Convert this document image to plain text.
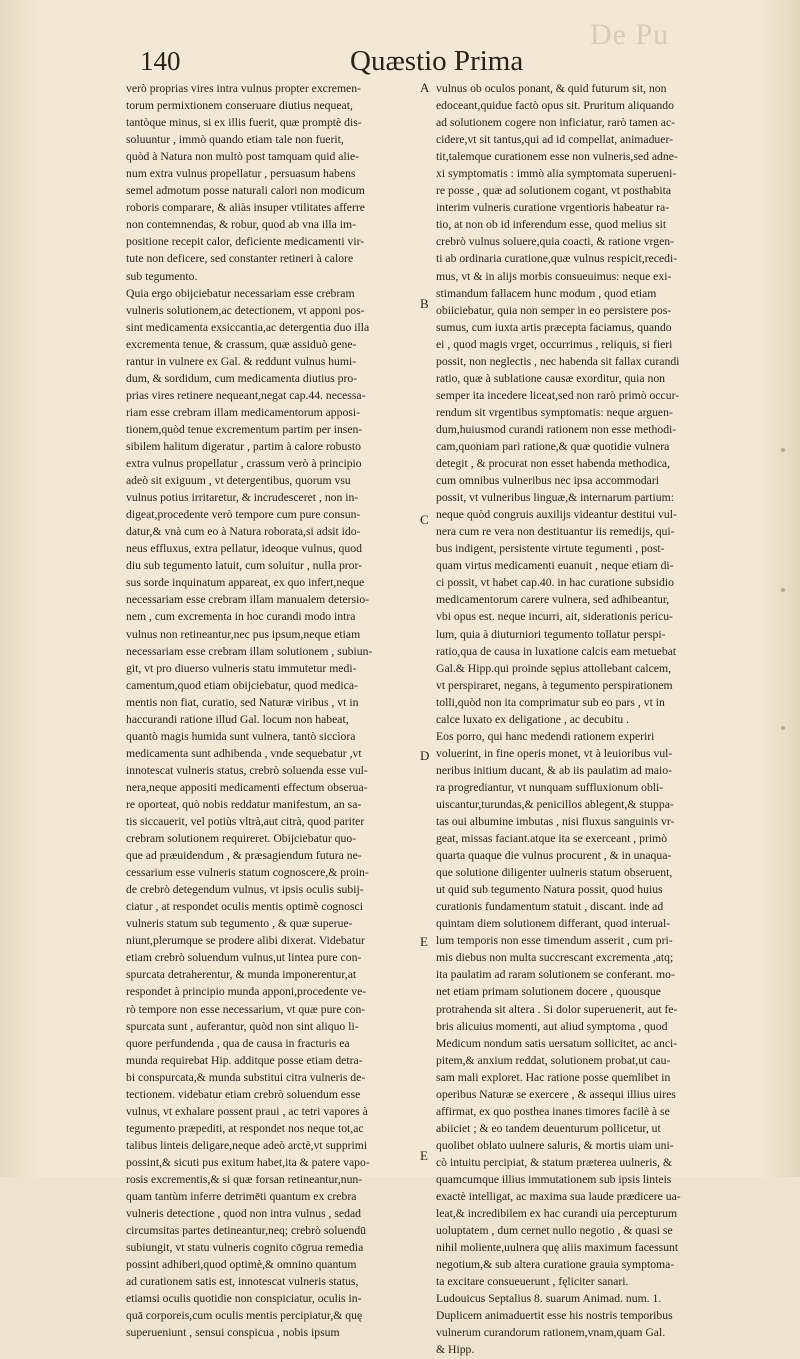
De Pu
140	Quæstio Prima
A
B
C
D
E
E
verò proprias vires intra vulnus propter excremen-
torum permixtionem conseruare diutius nequeat,
tantòque minus, si ex illis fuerit, quæ promptè dis-
soluuntur , immò quando etiam tale non fuerit,
quòd à Natura non multò post tamquam quid alie-
num extra vulnus propellatur , persuasum habens
semel admotum posse naturali calori non modicum
roboris comparare, & aliàs insuper vtilitates afferre
non contemnendas, & robur, quod ab vna illa im-
positione recepit calor, deficiente medicamenti vir-
tute non deficere, sed constanter retineri à calore
sub tegumento.
Quia ergo obijciebatur necessariam esse crebram
vulneris solutionem,ac detectionem, vt apponi pos-
sint medicamenta exsiccantia,ac detergentia duo illa
excrementa tenue, & crassum, quæ assiduò gene-
rantur in vulnere ex Gal. & reddunt vulnus humi-
dum, & sordidum, cum medicamenta diutius pro-
prias vires retinere nequeant,negat cap.44. necessa-
riam esse crebram illam medicamentorum apposi-
tionem,quòd tenue excrementum partim per insen-
sibilem halitum digeratur , partim à calore robusto
extra vulnus propellatur , crassum verò à principio
adeò sit exiguum , vt detergentibus, quorum vsu
vulnus potius irritaretur, & incrudesceret , non in-
digeat,procedente verò tempore cum pure consun-
datur,& vnà cum eo à Natura roborata,si adsit ido-
neus effluxus, extra pellatur, ideoque vulnus, quod
diu sub tegumento latuit, cum soluitur , nulla pror-
sus sorde inquinatum appareat, ex quo infert,neque
necessariam esse crebram illam manualem detersio-
nem , cum excrementa in hoc curandi modo intra
vulnus non retineantur,nec pus ipsum,neque etiam
necessariam esse crebram illam solutionem , subiun-
git, vt pro diuerso vulneris statu immutetur medi-
camentum,quod etiam obijciebatur, quod medica-
mentis non fiat, curatio, sed Naturæ viribus , vt in
haccurandi ratione illud Gal. locum non habeat,
quantò magis humida sunt vulnera, tantò siccìora
medicamenta sunt adhibenda , vnde sequebatur ,vt
innotescat vulneris status, crebrò soluenda esse vul-
nera,neque appositi medicamenti effectum obserua-
re oporteat, quò nobis reddatur manifestum, an sa-
tis siccauerit, vel potiùs vltrà,aut citrà, quod pariter
crebram solutionem requireret. Obijciebatur quo-
que ad præuidendum , & præsagiendum futura ne-
cessarium esse vulneris statum cognoscere,& proin-
de crebrò detegendum vulnus, vt ipsis oculis subij-
ciatur , at respondet oculis mentis optimè cognosci
vulneris statum sub tegumento , & quæ superue-
niunt,plerumque se prodere alibi dixerat. Videbatur
etiam crebrò soluendum vulnus,ut lintea pure con-
spurcata detraherentur, & munda imponerentur,at
respondet à principio munda apponi,procedente ve-
rò tempore non esse necessarium, vt quæ pure con-
spurcata sunt , auferantur, quòd non sint aliquo li-
quore perfundenda , qua de causa in fracturis ea
munda requirebat Hip. additque posse etiam detra-
bi conspurcata,& munda substitui citra vulneris de-
tectionem. videbatur etiam crebrò soluendum esse
vulnus, vt exhalare possent praui , ac tetri vapores à
tegumento præpediti, at respondet nos neque tot,ac
talibus linteis deligare,neque adeò arctè,vt supprimi
possint,& sicuti pus exitum habet,ita & patere vapo-
rosis excrementis,& si quæ forsan retineantur,nun-
quam tantùm inferre detrimēti quantum ex crebra
vulneris detectione , quod non intra vulnus , sedad
circumsitas partes detineantur,neq; crebrò soluendū
subiungit, vt statu vulneris cognito cōgrua remedia
possint adhiberi,quod optimè,& omnino quantum
ad curationem satis est, innotescat vulneris status,
etiamsi oculis quotidie non conspiciatur, oculis in-
quā corporeis,cum oculis mentis percipiatur,& quę
superueniunt , sensui conspicua , nobis ipsum
vulnus ob oculos ponant, & quid futurum sit, non
edoceant,quidue factò opus sit. Pruritum aliquando
ad solutionem cogere non inficiatur, rarò tamen ac-
cidere,vt sit tantus,qui ad id compellat, animaduer-
tit,talemque curationem esse non vulneris,sed adne-
xi symptomatis : immò alia symptomata superueni-
re posse , quæ ad solutionem cogant, vt posthabita
interim vulneris curatione vrgentioris habeatur ra-
tio, at non ob id inferendum esse, quod melius sit
crebrò vulnus soluere,quia coacti, & ratione vrgen-
ti ab ordinaria curatione,quæ vulnus respicit,recedi-
mus, vt & in alijs morbis consueuimus: neque exi-
stimandum fallacem hunc modum , quod etiam
obiiciebatur, quia non semper in eo persistere pos-
sumus, cum iuxta artis præcepta faciamus, quando
ei , quod magis vrget, occurrimus , reliquis, si fieri
possit, non neglectis , nec habenda sit fallax curandi
ratio, quæ à sublatione causæ exorditur, quia non
semper ita incedere liceat,sed non rarò primò occur-
rendum sit vrgentibus symptomatis: neque arguen-
dum,huiusmod curandi rationem non esse methodi-
cam,quoniam pari ratione,& quæ quotidie vulnera
detegit , & procurat non esset habenda methodica,
cum omnibus vulneribus nec ipsa accommodari
possit, vt vulneribus linguæ,& internarum partium:
neque quòd congruis auxilijs videantur destitui vul-
nera cum re vera non destituantur iis remedijs, qui-
bus indigent, persistente virtute tegumenti , post-
quam virtus medicamenti euanuit , neque etiam di-
ci possit, vt habet cap.40. in hac curatione subsidio
medicamentorum carere vulnera, sed adhibeantur,
vbi opus est. neque incurri, ait, siderationis pericu-
lum, quia à diuturniori tegumento tollatur perspi-
ratio,qua de causa in luxatione calcis eam metuebat
Gal.& Hipp.qui proinde sępius attollebant calcem,
vt perspiraret, negans, à tegumento perspirationem
tolli,quòd non ita comprimatur sub eo pars , vt in
calce luxato ex deligatione , ac decubitu .
Eos porro, qui hanc medendi rationem experiri
voluerint, in fine operis monet, vt à leuioribus vul-
neribus initium ducant, & ab iis paulatim ad maio-
ra progrediantur, vt nunquam suffluxionum obli-
uiscantur,turundas,& penicillos ablegent,& stuppa-
tas oui albumine imbutas , nisi fluxus sanguinis vr-
geat, missas faciant.atque ita se exerceant , primò
quarta quaque die vulnus procurent , & in unaqua-
que solutione diligenter uulneris statum obseruent,
ut quid sub tegumento Natura possit, quod huius
curationis fundamentum statuit , discant. inde ad
quintam diem solutionem differant, quod interual-
lum temporis non esse timendum asserit , cum pri-
mis diebus non multa succrescant excrementa ,atq;
ita paulatim ad raram solutionem se conferant. mo-
net etiam primam solutionem docere , quousque
protrahenda sit altera . Si dolor superuenerit, aut fe-
bris alicuius momenti, aut aliud symptoma , quod
Medicum nondum satis uersatum sollicitet, ac anci-
pitem,& anxium reddat, solutionem probat,ut cau-
sam mali exploret. Hac ratione posse quemlibet in
operibus Naturæ se exercere , & assequi illius uires
affirmat, ex quo posthea inanes timores facilè à se
abiiciet ; & eo tandem deuenturum pollicetur, ut
quolibet oblato uulnere saluris, & mortis uiam uni-
cò intuitu percipiat, & statum præterea uulneris, &
quamcumque illius immutationem sub ipsis linteis
exactè intelligat, ac maxima sua laude prædicere ua-
leat,& incredibilem ex hac curandi uia percepturum
uoluptatem , dum cernet nullo negotio , & quasi se
nihil moliente,uulnera quę aliis maximum facessunt
negotium,& sub altera curatione grauia symptoma-
ta excitare consueuerunt , fęliciter sanari.
Ludouicus Septalius 8. suarum Animad. num. 1.
Duplicem animaduertit esse his nostris temporibus
vulnerum curandorum rationem,vnam,quam Gal.
& Hipp.
